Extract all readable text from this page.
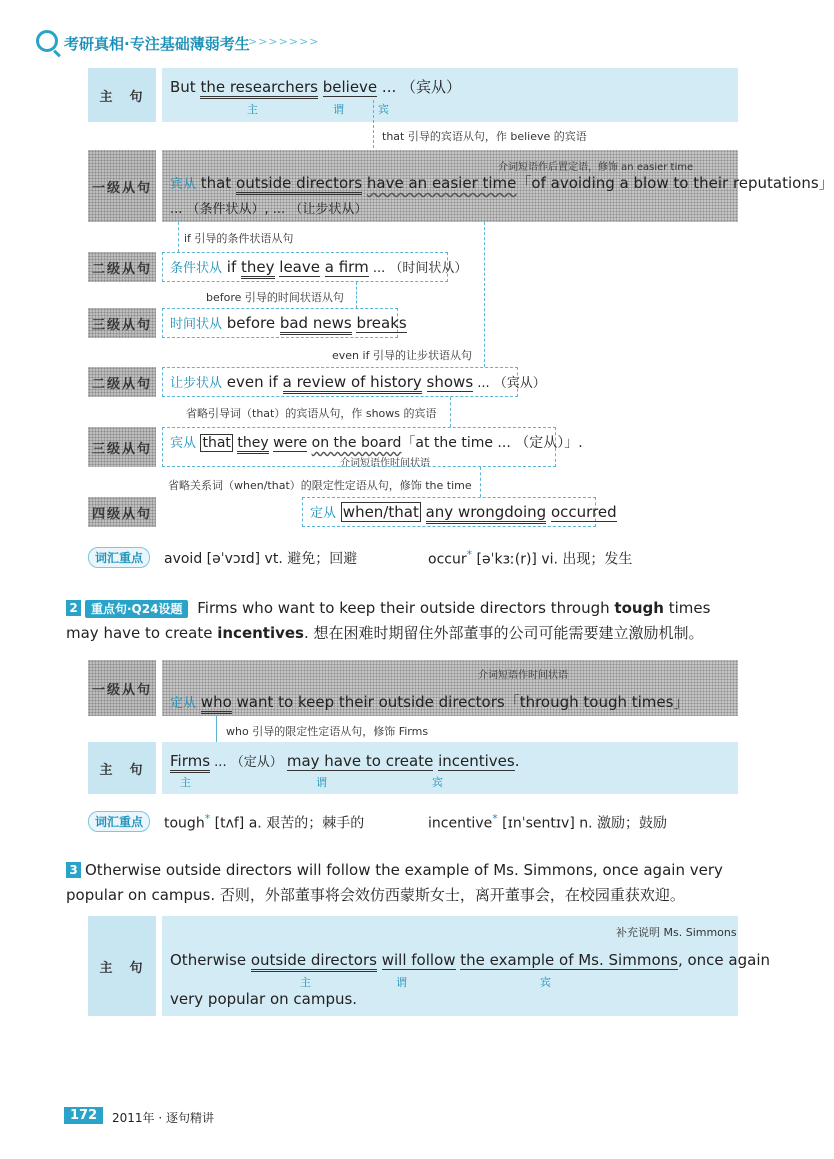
考研真相·专注基础薄弱考生
>>>>>>>
主　句
But the researchers believe ... （宾从）
主	谓	宾
that 引导的宾语从句，作 believe 的宾语
一级从句
介词短语作后置定语，修饰 an easier time
宾从 that outside directors have an easier time「of avoiding a blow to their reputations」
... （条件状从）, ... （让步状从）
if 引导的条件状语从句
二级从句	条件状从 if they leave a firm ... （时间状从）
before 引导的时间状语从句
三级从句	时间状从 before bad news breaks
even if 引导的让步状语从句
二级从句	让步状从 even if a review of history shows ... （宾从）
省略引导词（that）的宾语从句，作 shows 的宾语
三级从句	宾从 that they were on the board「at the time ... （定从）」.
介词短语作时间状语
省略关系词（when/that）的限定性定语从句，修饰 the time
四级从句	定从 when/that any wrongdoing occurred
词汇重点	avoid [əˈvɔɪd] vt. 避免；回避	occur* [əˈkɜː(r)] vi. 出现；发生
2 重点句·Q24设题 Firms who want to keep their outside directors through tough times may have to create incentives. 想在困难时期留住外部董事的公司可能需要建立激励机制。
一级从句
介词短语作时间状语
定从 who want to keep their outside directors「through tough times」
who 引导的限定性定语从句，修饰 Firms
主　句	Firms ... （定从） may have to create incentives.
主	谓	宾
词汇重点	tough* [tʌf] a. 艰苦的；棘手的	incentive* [ɪnˈsentɪv] n. 激励；鼓励
3 Otherwise outside directors will follow the example of Ms. Simmons, once again very popular on campus. 否则，外部董事将会效仿西蒙斯女士，离开董事会，在校园重获欢迎。
主　句
补充说明 Ms. Simmons
Otherwise outside directors will follow the example of Ms. Simmons, once again
主	谓	宾
very popular on campus.
172	2011年 · 逐句精讲
